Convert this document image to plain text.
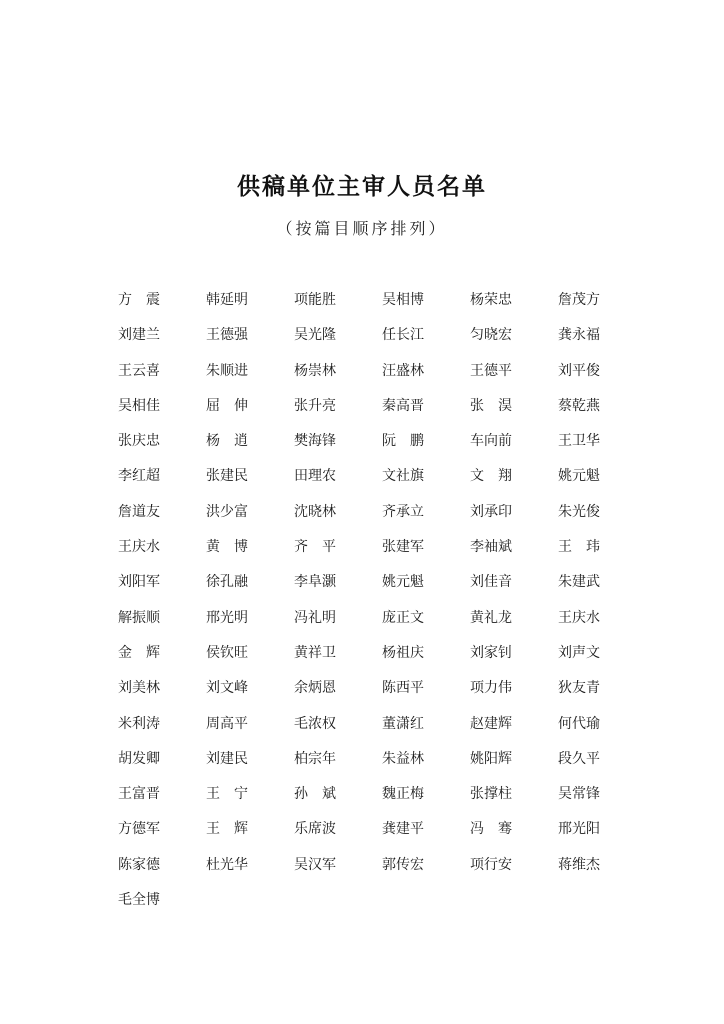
供稿单位主审人员名单
（按篇目顺序排列）
方　震	韩延明	项能胜	吴相博	杨荣忠	詹茂方
刘建兰	王德强	吴光隆	任长江	匀晓宏	龚永福
王云喜	朱顺进	杨崇林	汪盛林	王德平	刘平俊
吴相佳	屈　伸	张升亮	秦高晋	张　淏	蔡乾燕
张庆忠	杨　逍	樊海锋	阮　鹏	车向前	王卫华
李红超	张建民	田理农	文社旗	文　翔	姚元魁
詹道友	洪少富	沈晓林	齐承立	刘承印	朱光俊
王庆水	黄　博	齐　平	张建军	李袖斌	王　玮
刘阳军	徐孔融	李阜灏	姚元魁	刘佳音	朱建武
解振顺	邢光明	冯礼明	庞正文	黄礼龙	王庆水
金　辉	侯钦旺	黄祥卫	杨祖庆	刘家钊	刘声文
刘美林	刘文峰	余炳恩	陈西平	项力伟	狄友青
米利涛	周高平	毛浓权	董潇红	赵建辉	何代瑜
胡发卿	刘建民	柏宗年	朱益林	姚阳辉	段久平
王富晋	王　宁	孙　斌	魏正梅	张撑柱	吴常锋
方德军	王　辉	乐席波	龚建平	冯　骞	邢光阳
陈家德	杜光华	吴汉军	郭传宏	项行安	蒋维杰
毛全博
